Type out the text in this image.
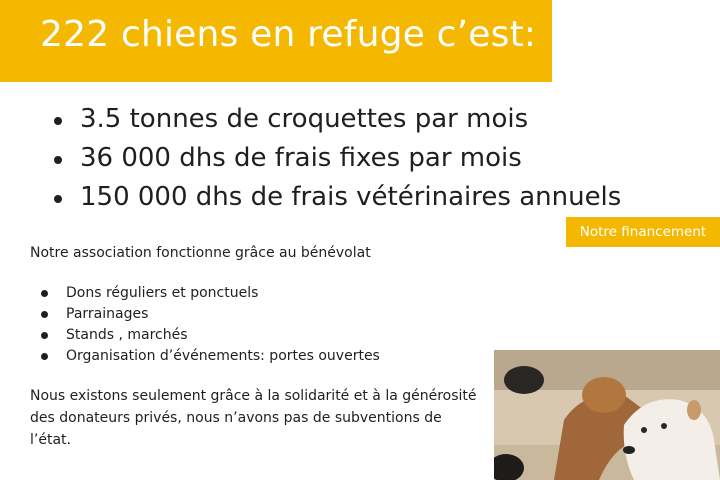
222 chiens en refuge c’est:
3.5 tonnes de croquettes par mois
36 000 dhs de frais fixes par mois
150 000 dhs de frais vétérinaires annuels
Notre financement
Notre association fonctionne grâce au bénévolat
Dons réguliers et ponctuels
Parrainages
Stands , marchés
Organisation d’événements: portes ouvertes
Nous existons seulement grâce à la solidarité et à la générosité
des donateurs privés, nous n’avons pas de subventions de
l’état.
